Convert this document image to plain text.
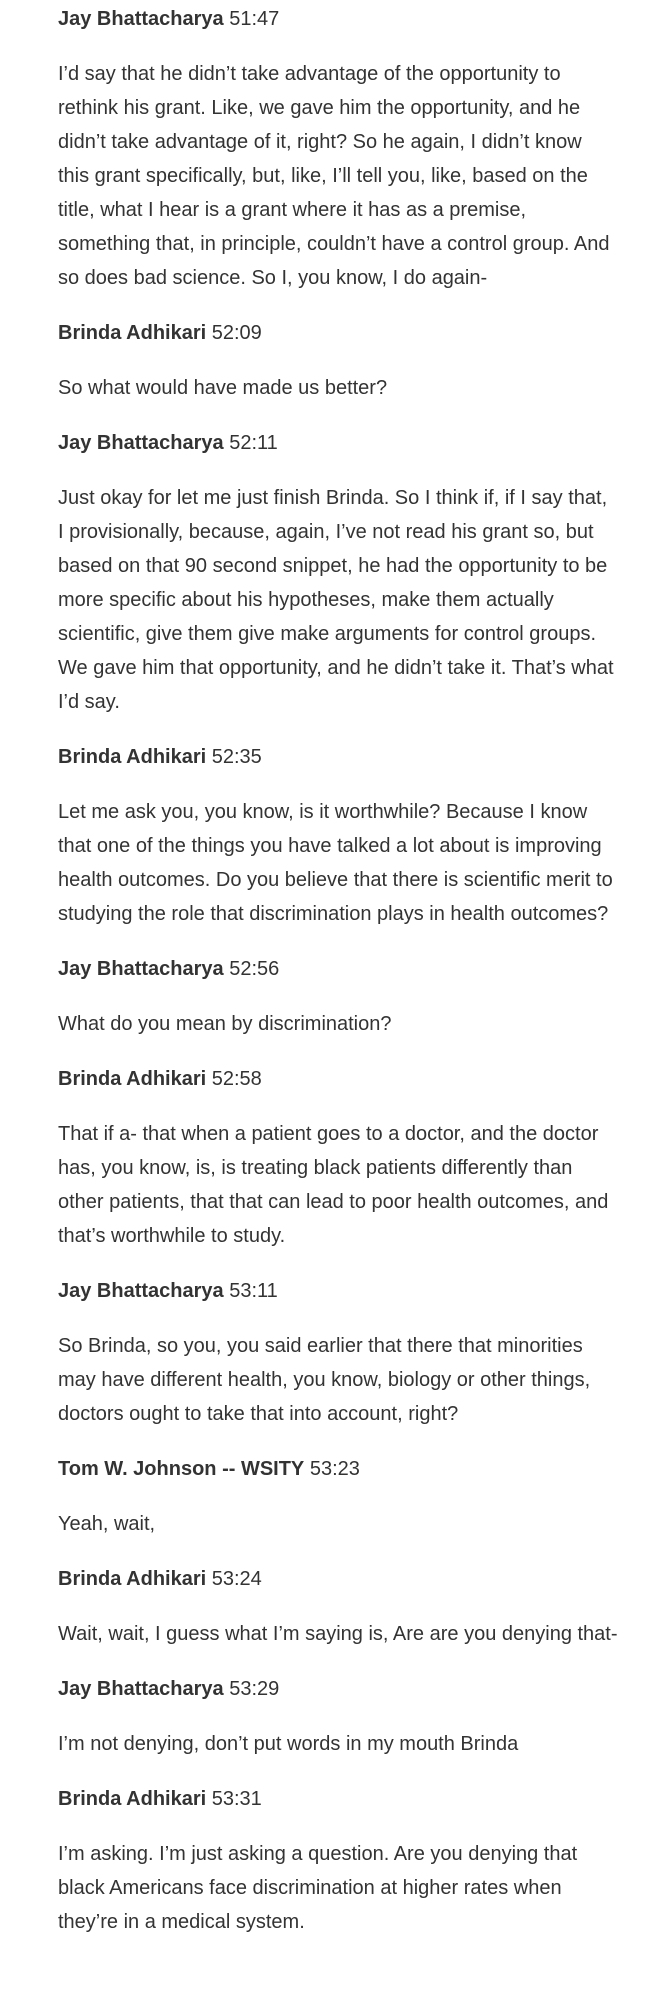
Jay Bhattacharya 51:47

I’d say that he didn’t take advantage of the opportunity to rethink his grant. Like, we gave him the opportunity, and he didn’t take advantage of it, right? So he again, I didn’t know this grant specifically, but, like, I’ll tell you, like, based on the title, what I hear is a grant where it has as a premise, something that, in principle, couldn’t have a control group. And so does bad science. So I, you know, I do again-

Brinda Adhikari 52:09

So what would have made us better?

Jay Bhattacharya 52:11

Just okay for let me just finish Brinda. So I think if, if I say that, I provisionally, because, again, I’ve not read his grant so, but based on that 90 second snippet, he had the opportunity to be more specific about his hypotheses, make them actually scientific, give them give make arguments for control groups. We gave him that opportunity, and he didn’t take it. That’s what I’d say.

Brinda Adhikari 52:35

Let me ask you, you know, is it worthwhile? Because I know that one of the things you have talked a lot about is improving health outcomes. Do you believe that there is scientific merit to studying the role that discrimination plays in health outcomes?

Jay Bhattacharya 52:56

What do you mean by discrimination?

Brinda Adhikari 52:58

That if a- that when a patient goes to a doctor, and the doctor has, you know, is, is treating black patients differently than other patients, that that can lead to poor health outcomes, and that’s worthwhile to study.

Jay Bhattacharya 53:11

So Brinda, so you, you said earlier that there that minorities may have different health, you know, biology or other things, doctors ought to take that into account, right?

Tom W. Johnson -- WSITY 53:23

Yeah, wait,

Brinda Adhikari 53:24

Wait, wait, I guess what I’m saying is, Are are you denying that-

Jay Bhattacharya 53:29

I’m not denying, don’t put words in my mouth Brinda

Brinda Adhikari 53:31

I’m asking. I’m just asking a question. Are you denying that black Americans face discrimination at higher rates when they’re in a medical system.
